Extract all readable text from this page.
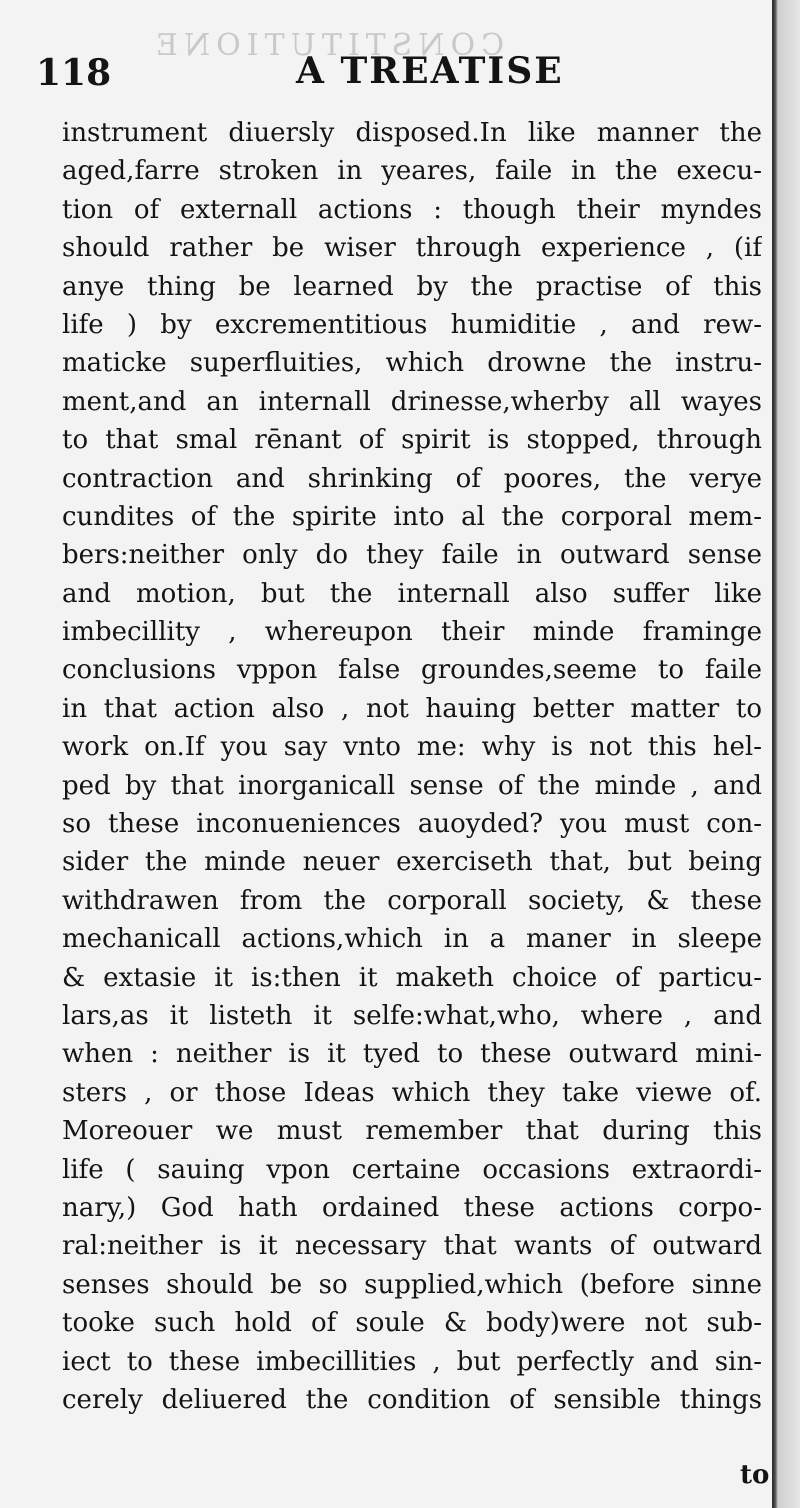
CONSTITUTIONE
118	A TREATISE
instrument diuersly disposed.In like manner the
aged,farre stroken in yeares, faile in the execu-
tion of externall actions : though their myndes
should rather be wiser through experience , (if
anye thing be learned by the practise of this
life ) by excrementitious humiditie , and rew-
maticke superfluities, which drowne the instru-
ment,and an internall drinesse,wherby all wayes
to that smal rēnant of spirit is stopped, through
contraction and shrinking of poores, the verye
cundites of the spirite into al the corporal mem-
bers:neither only do they faile in outward sense
and motion, but the internall also suffer like
imbecillity , whereupon their minde framinge
conclusions vppon false groundes,seeme to faile
in that action also , not hauing better matter to
work on.If you say vnto me: why is not this hel-
ped by that inorganicall sense of the minde , and
so these inconueniences auoyded? you must con-
sider the minde neuer exerciseth that, but being
withdrawen from the corporall society, & these
mechanicall actions,which in a maner in sleepe
& extasie it is:then it maketh choice of particu-
lars,as it listeth it selfe:what,who, where , and
when : neither is it tyed to these outward mini-
sters , or those Ideas which they take viewe of.
Moreouer we must remember that during this
life ( sauing vpon certaine occasions extraordi-
nary,) God hath ordained these actions corpo-
ral:neither is it necessary that wants of outward
senses should be so supplied,which (before sinne
tooke such hold of soule & body)were not sub-
iect to these imbecillities , but perfectly and sin-
cerely deliuered the condition of sensible things
to
